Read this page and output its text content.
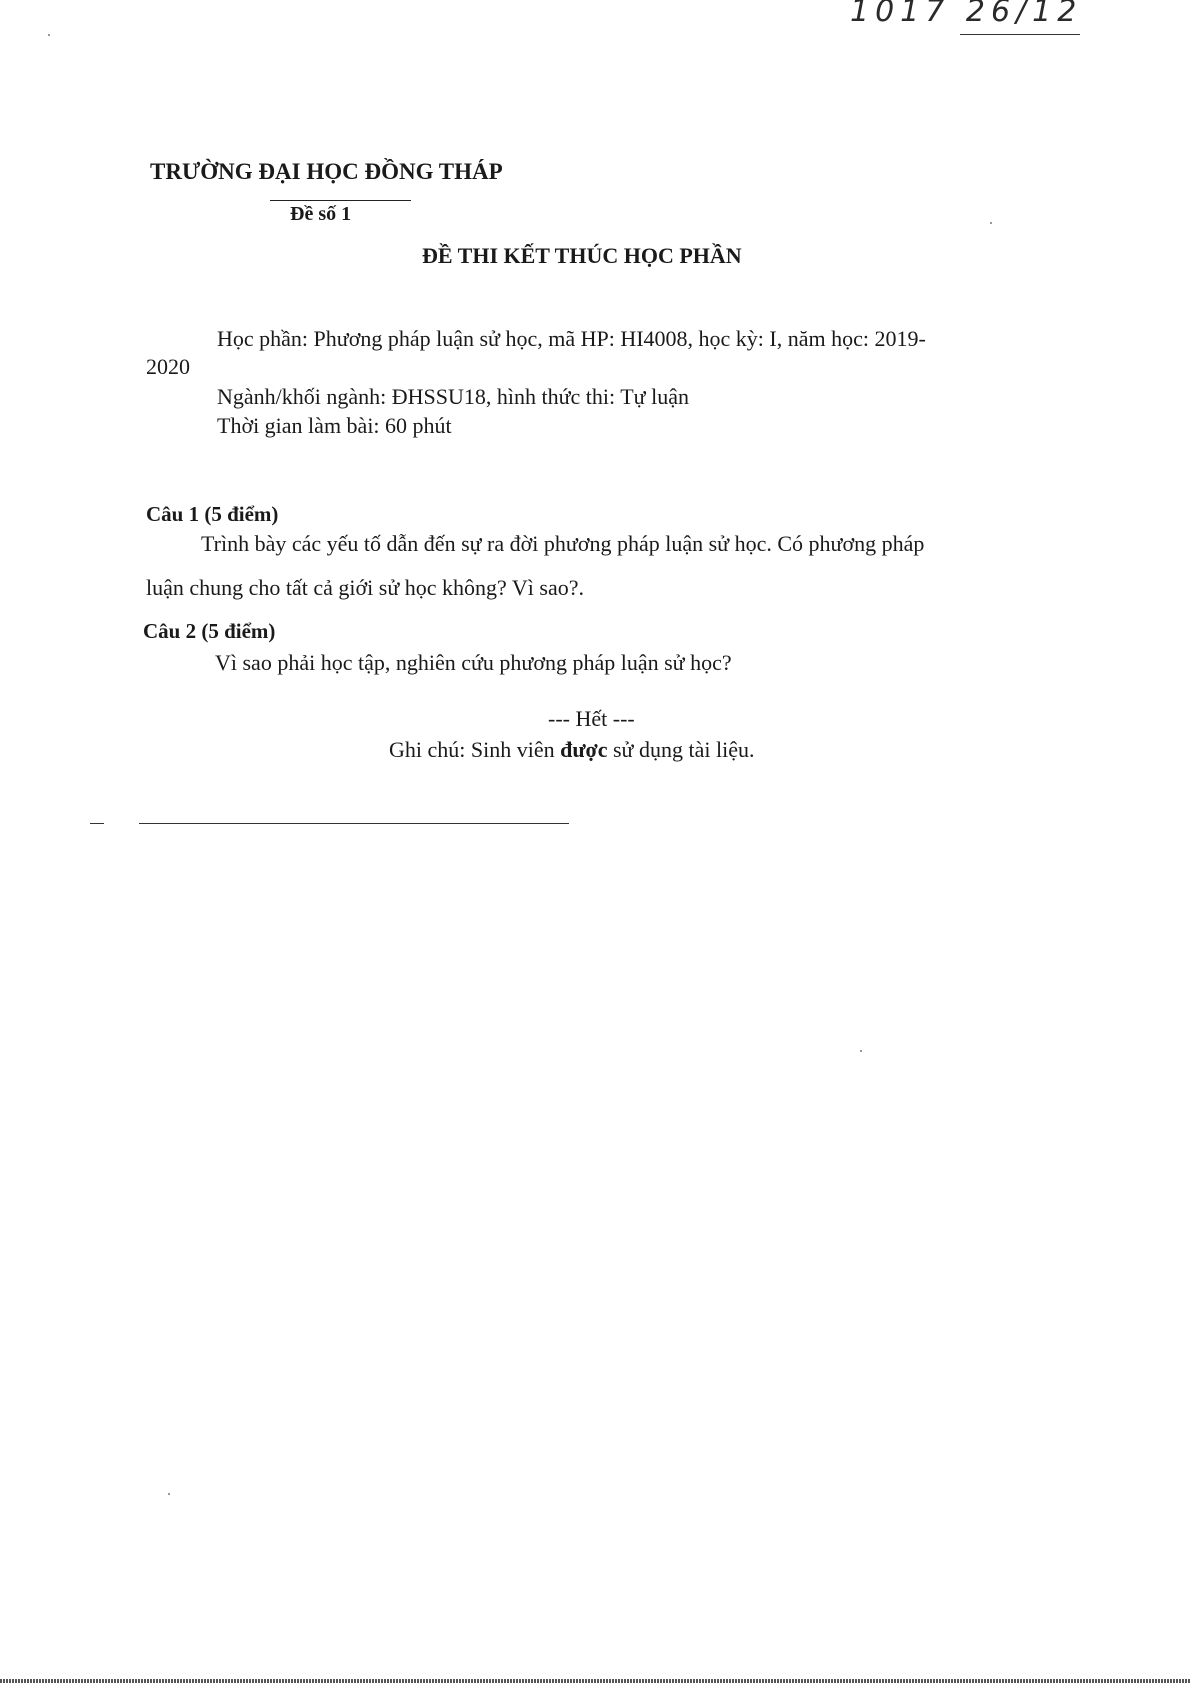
1017 26/12
TRƯỜNG ĐẠI HỌC ĐỒNG THÁP
Đề số 1
ĐỀ THI KẾT THÚC HỌC PHẦN
Học phần: Phương pháp luận sử học, mã HP: HI4008, học kỳ: I, năm học: 2019-
2020
Ngành/khối ngành: ĐHSSU18, hình thức thi: Tự luận
Thời gian làm bài: 60 phút
Câu 1 (5 điểm)
Trình bày các yếu tố dẫn đến sự ra đời phương pháp luận sử học. Có phương pháp
luận chung cho tất cả giới sử học không? Vì sao?.
Câu 2 (5 điểm)
Vì sao phải học tập, nghiên cứu phương pháp luận sử học?
--- Hết ---
Ghi chú: Sinh viên được sử dụng tài liệu.
